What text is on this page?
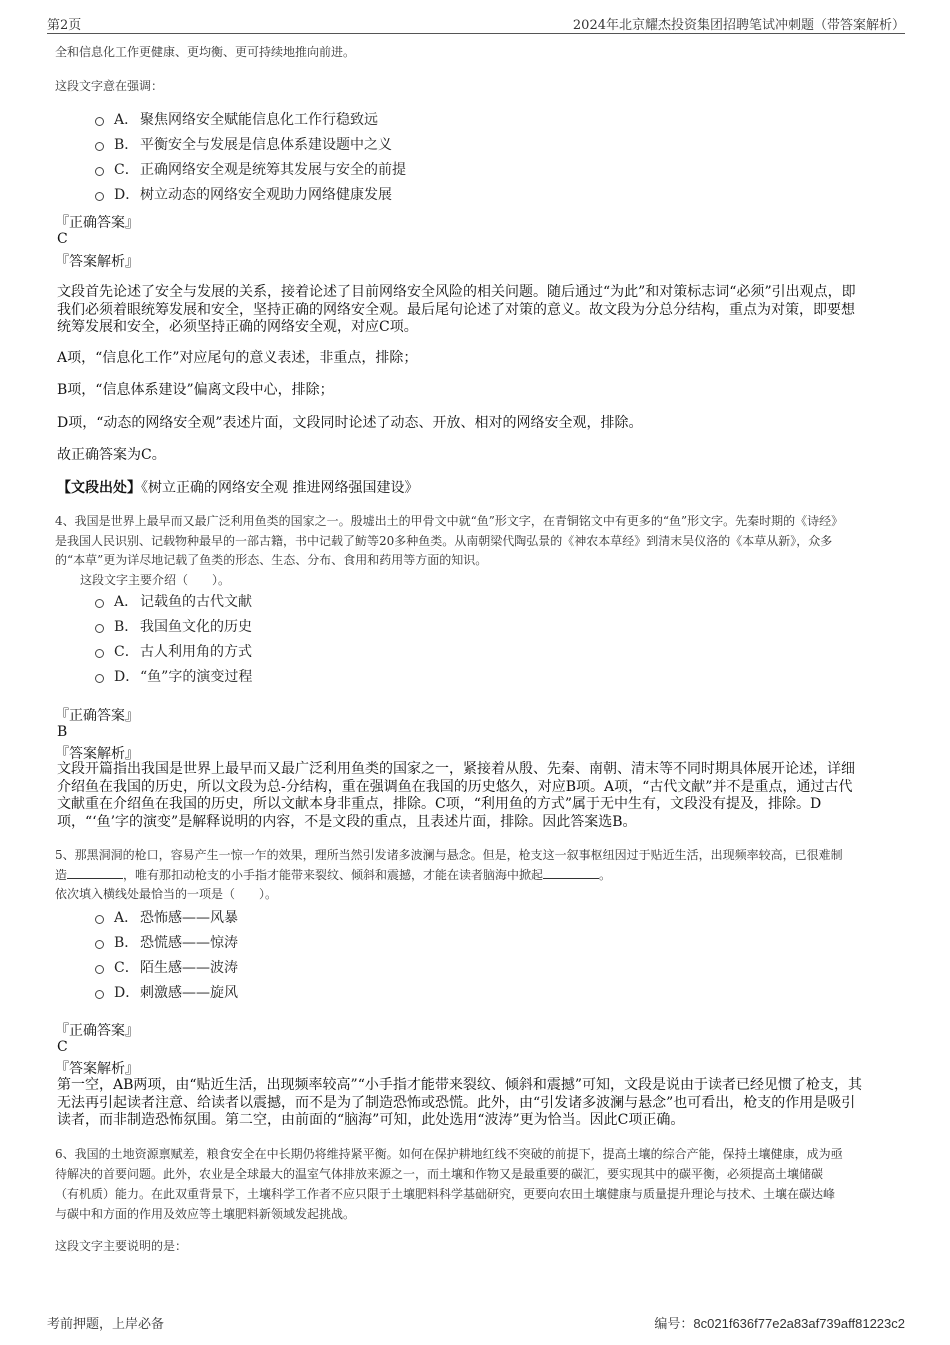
第2页	2024年北京耀杰投资集团招聘笔试冲刺题（带答案解析）
全和信息化工作更健康、更均衡、更可持续地推向前进。
这段文字意在强调：
A． 聚焦网络安全赋能信息化工作行稳致远
B． 平衡安全与发展是信息体系建设题中之义
C． 正确网络安全观是统筹其发展与安全的前提
D． 树立动态的网络安全观助力网络健康发展
『正确答案』
C
『答案解析』
文段首先论述了安全与发展的关系，接着论述了目前网络安全风险的相关问题。随后通过“为此”和对策标志词“必须”引出观点，即
我们必须着眼统筹发展和安全，坚持正确的网络安全观。最后尾句论述了对策的意义。故文段为分总分结构，重点为对策，即要想
统筹发展和安全，必须坚持正确的网络安全观，对应C项。
A项，“信息化工作”对应尾句的意义表述，非重点，排除；
B项，“信息体系建设”偏离文段中心，排除；
D项，“动态的网络安全观”表述片面，文段同时论述了动态、开放、相对的网络安全观，排除。
故正确答案为C。
【文段出处】《树立正确的网络安全观 推进网络强国建设》
4、我国是世界上最早而又最广泛利用鱼类的国家之一。殷墟出土的甲骨文中就“鱼”形文字，在青铜铭文中有更多的“鱼”形文字。先秦时期的《诗经》
是我国人民识别、记载物种最早的一部古籍，书中记载了鲂等20多种鱼类。从南朝梁代陶弘景的《神农本草经》到清末吴仪洛的《本草从新》，众多
的“本草”更为详尽地记载了鱼类的形态、生态、分布、食用和药用等方面的知识。
这段文字主要介绍（　　）。
A． 记载鱼的古代文献
B． 我国鱼文化的历史
C． 古人利用角的方式
D． “鱼”字的演变过程
『正确答案』
B
『答案解析』
文段开篇指出我国是世界上最早而又最广泛利用鱼类的国家之一，紧接着从殷、先秦、南朝、清末等不同时期具体展开论述，详细
介绍鱼在我国的历史，所以文段为总-分结构，重在强调鱼在我国的历史悠久，对应B项。A项，“古代文献”并不是重点，通过古代
文献重在介绍鱼在我国的历史，所以文献本身非重点，排除。C项，“利用鱼的方式”属于无中生有，文段没有提及，排除。D
项，“‘鱼’字的演变”是解释说明的内容，不是文段的重点，且表述片面，排除。因此答案选B。
5、那黑洞洞的枪口，容易产生一惊一乍的效果，理所当然引发诸多波澜与悬念。但是，枪支这一叙事枢纽因过于贴近生活，出现频率较高，已很难制
造	，唯有那扣动枪支的小手指才能带来裂纹、倾斜和震撼，才能在读者脑海中掀起	。
依次填入横线处最恰当的一项是（　　）。
A． 恐怖感——风暴
B． 恐慌感——惊涛
C． 陌生感——波涛
D． 刺激感——旋风
『正确答案』
C
『答案解析』
第一空，AB两项，由“贴近生活，出现频率较高”“小手指才能带来裂纹、倾斜和震撼”可知，文段是说由于读者已经见惯了枪支，其
无法再引起读者注意、给读者以震撼，而不是为了制造恐怖或恐慌。此外，由“引发诸多波澜与悬念”也可看出，枪支的作用是吸引
读者，而非制造恐怖氛围。第二空，由前面的“脑海”可知，此处选用“波涛”更为恰当。因此C项正确。
6、我国的土地资源禀赋差，粮食安全在中长期仍将维持紧平衡。如何在保护耕地红线不突破的前提下，提高土壤的综合产能，保持土壤健康，成为亟
待解决的首要问题。此外，农业是全球最大的温室气体排放来源之一，而土壤和作物又是最重要的碳汇，要实现其中的碳平衡，必须提高土壤储碳
（有机质）能力。在此双重背景下，土壤科学工作者不应只限于土壤肥料科学基础研究，更要向农田土壤健康与质量提升理论与技术、土壤在碳达峰
与碳中和方面的作用及效应等土壤肥料新领域发起挑战。
这段文字主要说明的是：
考前押题，上岸必备	编号：8c021f636f77e2a83af739aff81223c2
